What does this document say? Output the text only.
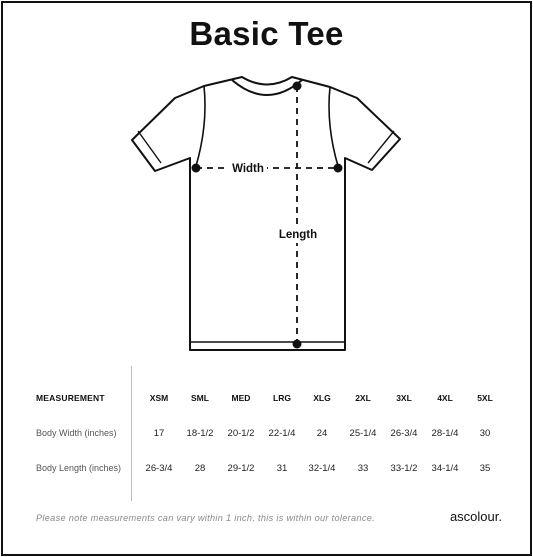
Basic Tee
Width
Length
MEASUREMENT	XSM	SML	MED	LRG	XLG	2XL	3XL	4XL	5XL
Body Width (inches)	17	18-1/2	20-1/2	22-1/4	24	25-1/4	26-3/4	28-1/4	30
Body Length (inches)	26-3/4	28	29-1/2	31	32-1/4	33	33-1/2	34-1/4	35
Please note measurements can vary within 1 inch, this is within our tolerance.	ascolour.
